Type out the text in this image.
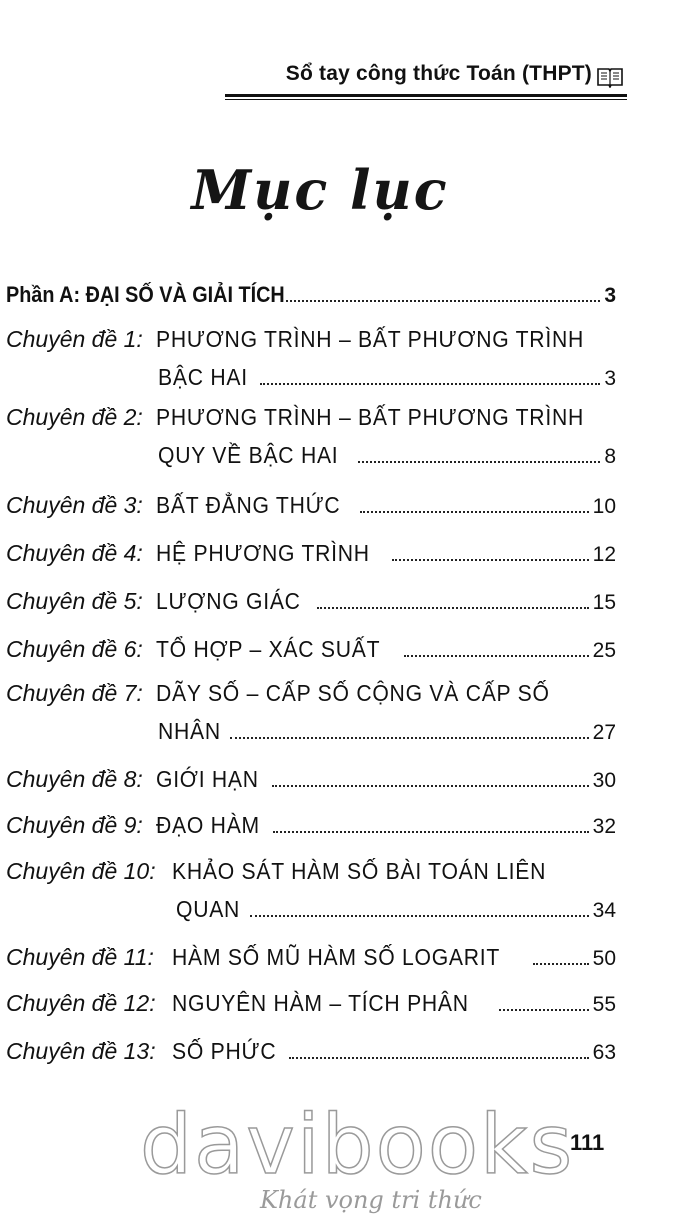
Sổ tay công thức Toán (THPT)
Mục lục
Phần A: ĐẠI SỐ VÀ GIẢI TÍCH	3
Chuyên đề 1: PHƯƠNG TRÌNH – BẤT PHƯƠNG TRÌNH
BẬC HAI	3
Chuyên đề 2: PHƯƠNG TRÌNH – BẤT PHƯƠNG TRÌNH
QUY VỀ BẬC HAI	8
Chuyên đề 3: BẤT ĐẲNG THỨC	10
Chuyên đề 4: HỆ PHƯƠNG TRÌNH	12
Chuyên đề 5: LƯỢNG GIÁC	15
Chuyên đề 6: TỔ HỢP – XÁC SUẤT	25
Chuyên đề 7: DÃY SỐ – CẤP SỐ CỘNG VÀ CẤP SỐ
NHÂN	27
Chuyên đề 8: GIỚI HẠN	30
Chuyên đề 9: ĐẠO HÀM	32
Chuyên đề 10: KHẢO SÁT HÀM SỐ BÀI TOÁN LIÊN
QUAN	34
Chuyên đề 11: HÀM SỐ MŨ HÀM SỐ LOGARIT	50
Chuyên đề 12: NGUYÊN HÀM – TÍCH PHÂN	55
Chuyên đề 13: SỐ PHỨC	63
111
davibooks
Khát vọng tri thức
